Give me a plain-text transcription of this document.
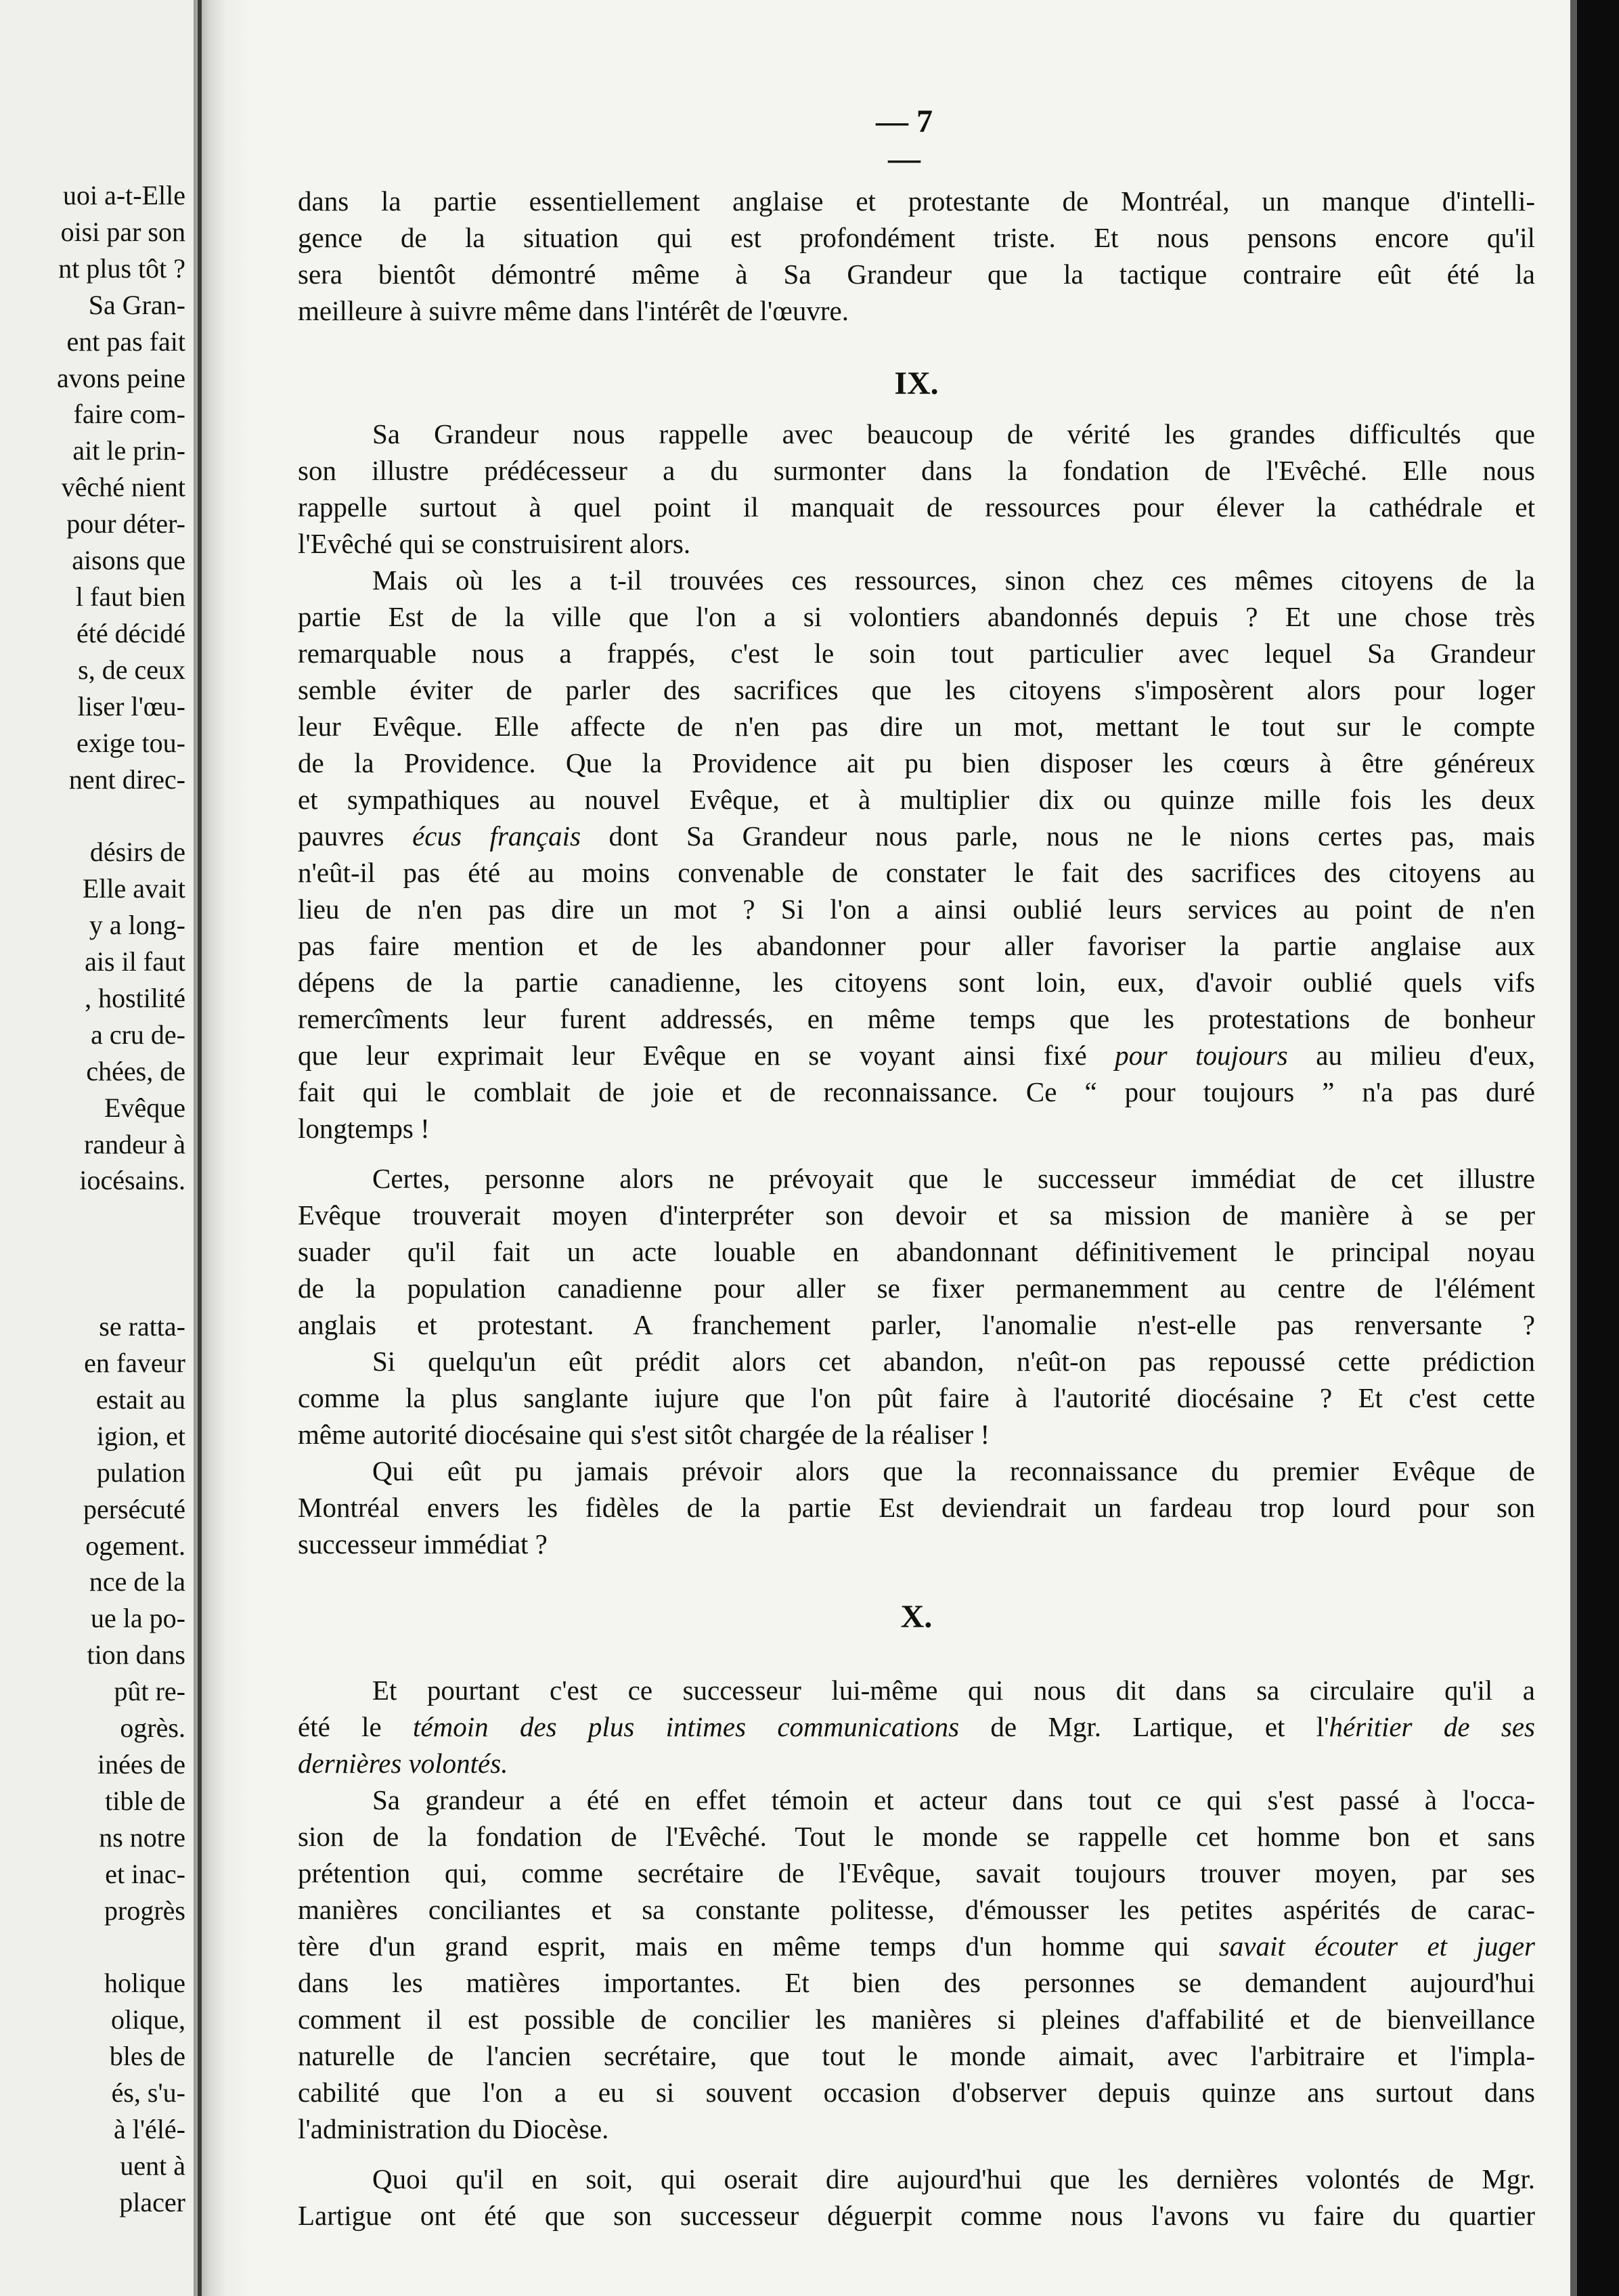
uoi a-t-Elle
oisi par son
nt plus tôt ?
Sa Gran-
ent pas fait
avons peine
faire com-
ait le prin-
vêché nient
pour déter-
aisons que
l faut bien
été décidé
s, de ceux
liser l'œu-
exige tou-
nent direc-

désirs de
Elle avait
y a long-
ais il faut
, hostilité
a cru de-
chées, de
Evêque
randeur à
iocésains.

se ratta-
en faveur
estait au
igion, et
pulation
persécuté
ogement.
nce de la
ue la po-
tion dans
pût re-
ogrès.
inées de
tible de
ns notre
et inac-
progrès

holique
olique,
bles de
és, s'u-
à l'élé-
uent à
placer
— 7 —
dans la partie essentiellement anglaise et protestante de Montréal, un manque d'intelli-
gence de la situation qui est profondément triste. Et nous pensons encore qu'il
sera bientôt démontré même à Sa Grandeur que la tactique contraire eût été la
meilleure à suivre même dans l'intérêt de l'œuvre.
IX.
Sa Grandeur nous rappelle avec beaucoup de vérité les grandes difficultés que
son illustre prédécesseur a du surmonter dans la fondation de l'Evêché. Elle nous
rappelle surtout à quel point il manquait de ressources pour élever la cathédrale et
l'Evêché qui se construisirent alors.
Mais où les a t-il trouvées ces ressources, sinon chez ces mêmes citoyens de la
partie Est de la ville que l'on a si volontiers abandonnés depuis ? Et une chose très
remarquable nous a frappés, c'est le soin tout particulier avec lequel Sa Grandeur
semble éviter de parler des sacrifices que les citoyens s'imposèrent alors pour loger
leur Evêque. Elle affecte de n'en pas dire un mot, mettant le tout sur le compte
de la Providence. Que la Providence ait pu bien disposer les cœurs à être généreux
et sympathiques au nouvel Evêque, et à multiplier dix ou quinze mille fois les deux
pauvres écus français dont Sa Grandeur nous parle, nous ne le nions certes pas, mais
n'eût-il pas été au moins convenable de constater le fait des sacrifices des citoyens au
lieu de n'en pas dire un mot ? Si l'on a ainsi oublié leurs services au point de n'en
pas faire mention et de les abandonner pour aller favoriser la partie anglaise aux
dépens de la partie canadienne, les citoyens sont loin, eux, d'avoir oublié quels vifs
remercîments leur furent addressés, en même temps que les protestations de bonheur
que leur exprimait leur Evêque en se voyant ainsi fixé pour toujours au milieu d'eux,
fait qui le comblait de joie et de reconnaissance. Ce “ pour toujours ” n'a pas duré
longtemps !
Certes, personne alors ne prévoyait que le successeur immédiat de cet illustre
Evêque trouverait moyen d'interpréter son devoir et sa mission de manière à se per
suader qu'il fait un acte louable en abandonnant définitivement le principal noyau
de la population canadienne pour aller se fixer permanemment au centre de l'élément
anglais et protestant. A franchement parler, l'anomalie n'est-elle pas renversante ?
Si quelqu'un eût prédit alors cet abandon, n'eût-on pas repoussé cette prédiction
comme la plus sanglante iujure que l'on pût faire à l'autorité diocésaine ? Et c'est cette
même autorité diocésaine qui s'est sitôt chargée de la réaliser !
Qui eût pu jamais prévoir alors que la reconnaissance du premier Evêque de
Montréal envers les fidèles de la partie Est deviendrait un fardeau trop lourd pour son
successeur immédiat ?
X.
Et pourtant c'est ce successeur lui-même qui nous dit dans sa circulaire qu'il a
été le témoin des plus intimes communications de Mgr. Lartique, et l'héritier de ses
dernières volontés.
Sa grandeur a été en effet témoin et acteur dans tout ce qui s'est passé à l'occa-
sion de la fondation de l'Evêché. Tout le monde se rappelle cet homme bon et sans
prétention qui, comme secrétaire de l'Evêque, savait toujours trouver moyen, par ses
manières conciliantes et sa constante politesse, d'émousser les petites aspérités de carac-
tère d'un grand esprit, mais en même temps d'un homme qui savait écouter et juger
dans les matières importantes. Et bien des personnes se demandent aujourd'hui
comment il est possible de concilier les manières si pleines d'affabilité et de bienveillance
naturelle de l'ancien secrétaire, que tout le monde aimait, avec l'arbitraire et l'impla-
cabilité que l'on a eu si souvent occasion d'observer depuis quinze ans surtout dans
l'administration du Diocèse.
Quoi qu'il en soit, qui oserait dire aujourd'hui que les dernières volontés de Mgr.
Lartigue ont été que son successeur déguerpit comme nous l'avons vu faire du quartier
